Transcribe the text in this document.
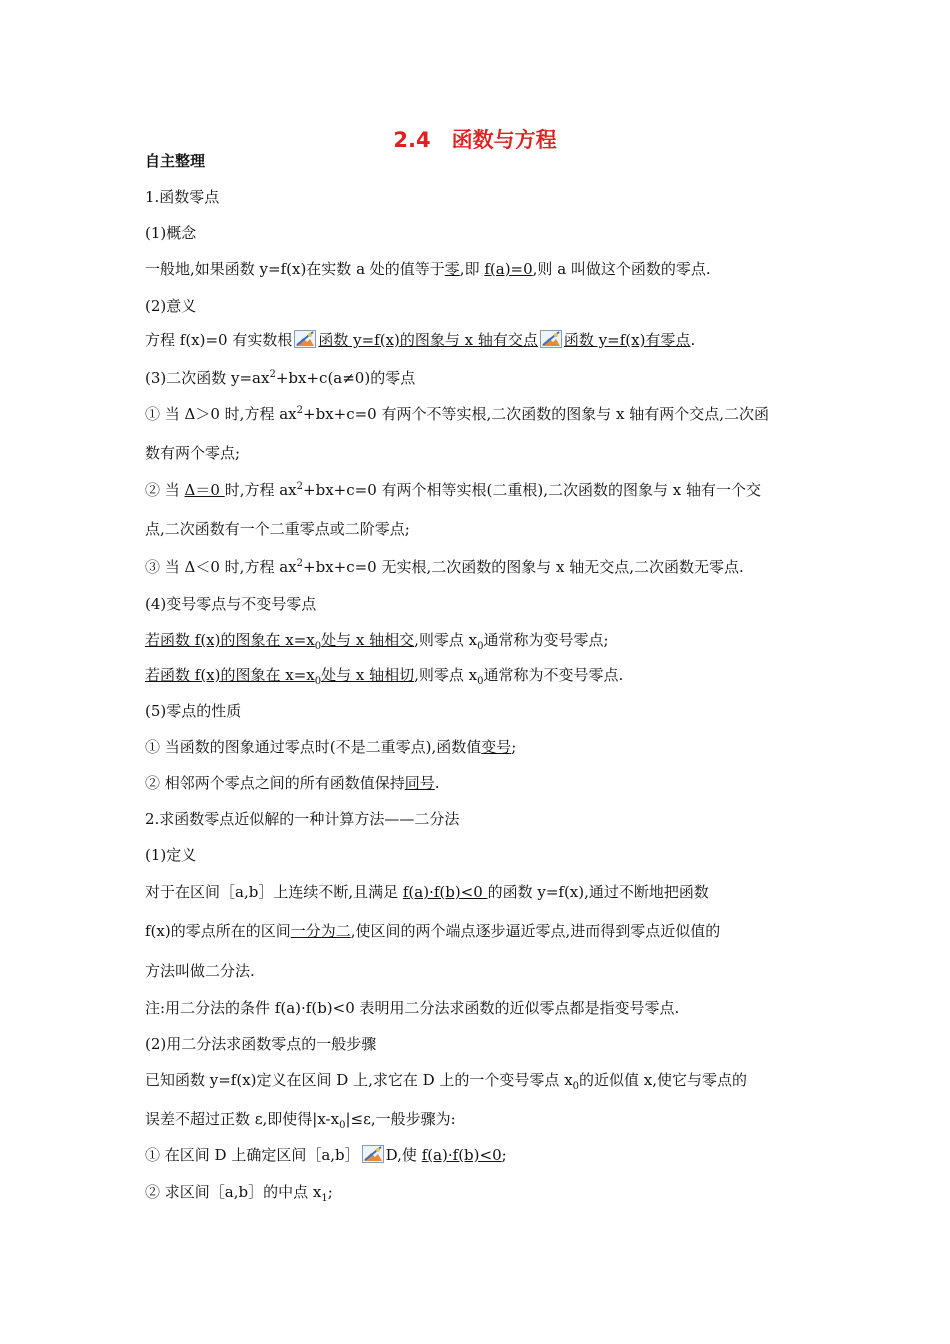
2.4　函数与方程
自主整理
1.函数零点
(1)概念
一般地,如果函数 y=f(x)在实数 a 处的值等于零,即 f(a)=0,则 a 叫做这个函数的零点.
(2)意义
方程 f(x)=0 有实数根 函数 y=f(x)的图象与 x 轴有交点 函数 y=f(x)有零点.
(3)二次函数 $y=ax^2+bx+c(a\ne 0)$的零点
① 当 Δ＞0 时,方程 $ax^2+bx+c=0$ 有两个不等实根,二次函数的图象与 x 轴有两个交点,二次函
数有两个零点;
② 当 Δ＝0 时,方程 $ax^2+bx+c=0$ 有两个相等实根(二重根),二次函数的图象与 x 轴有一个交
点,二次函数有一个二重零点或二阶零点;
③ 当 Δ＜0 时,方程 $ax^2+bx+c=0$ 无实根,二次函数的图象与 x 轴无交点,二次函数无零点.
(4)变号零点与不变号零点
若函数 f(x)的图象在 $x=x_0$处与 x 轴相交,则零点 $x_0$通常称为变号零点;
若函数 f(x)的图象在 $x=x_0$处与 x 轴相切,则零点 $x_0$通常称为不变号零点.
(5)零点的性质
① 当函数的图象通过零点时(不是二重零点),函数值变号;
② 相邻两个零点之间的所有函数值保持同号.
2.求函数零点近似解的一种计算方法——二分法
(1)定义
对于在区间［a,b］上连续不断,且满足 f(a)·f(b)<0 的函数 y=f(x),通过不断地把函数
f(x)的零点所在的区间一分为二,使区间的两个端点逐步逼近零点,进而得到零点近似值的
方法叫做二分法.
注:用二分法的条件 f(a)·f(b)<0 表明用二分法求函数的近似零点都是指变号零点.
(2)用二分法求函数零点的一般步骤
已知函数 y=f(x)定义在区间 D 上,求它在 D 上的一个变号零点 $x_0$的近似值 x,使它与零点的
误差不超过正数 ε,即使得$|x-x_0|\le\varepsilon$,一般步骤为:
① 在区间 D 上确定区间［a,b］ D,使 f(a)·f(b)<0;
② 求区间［a,b］的中点 $x_1$;
